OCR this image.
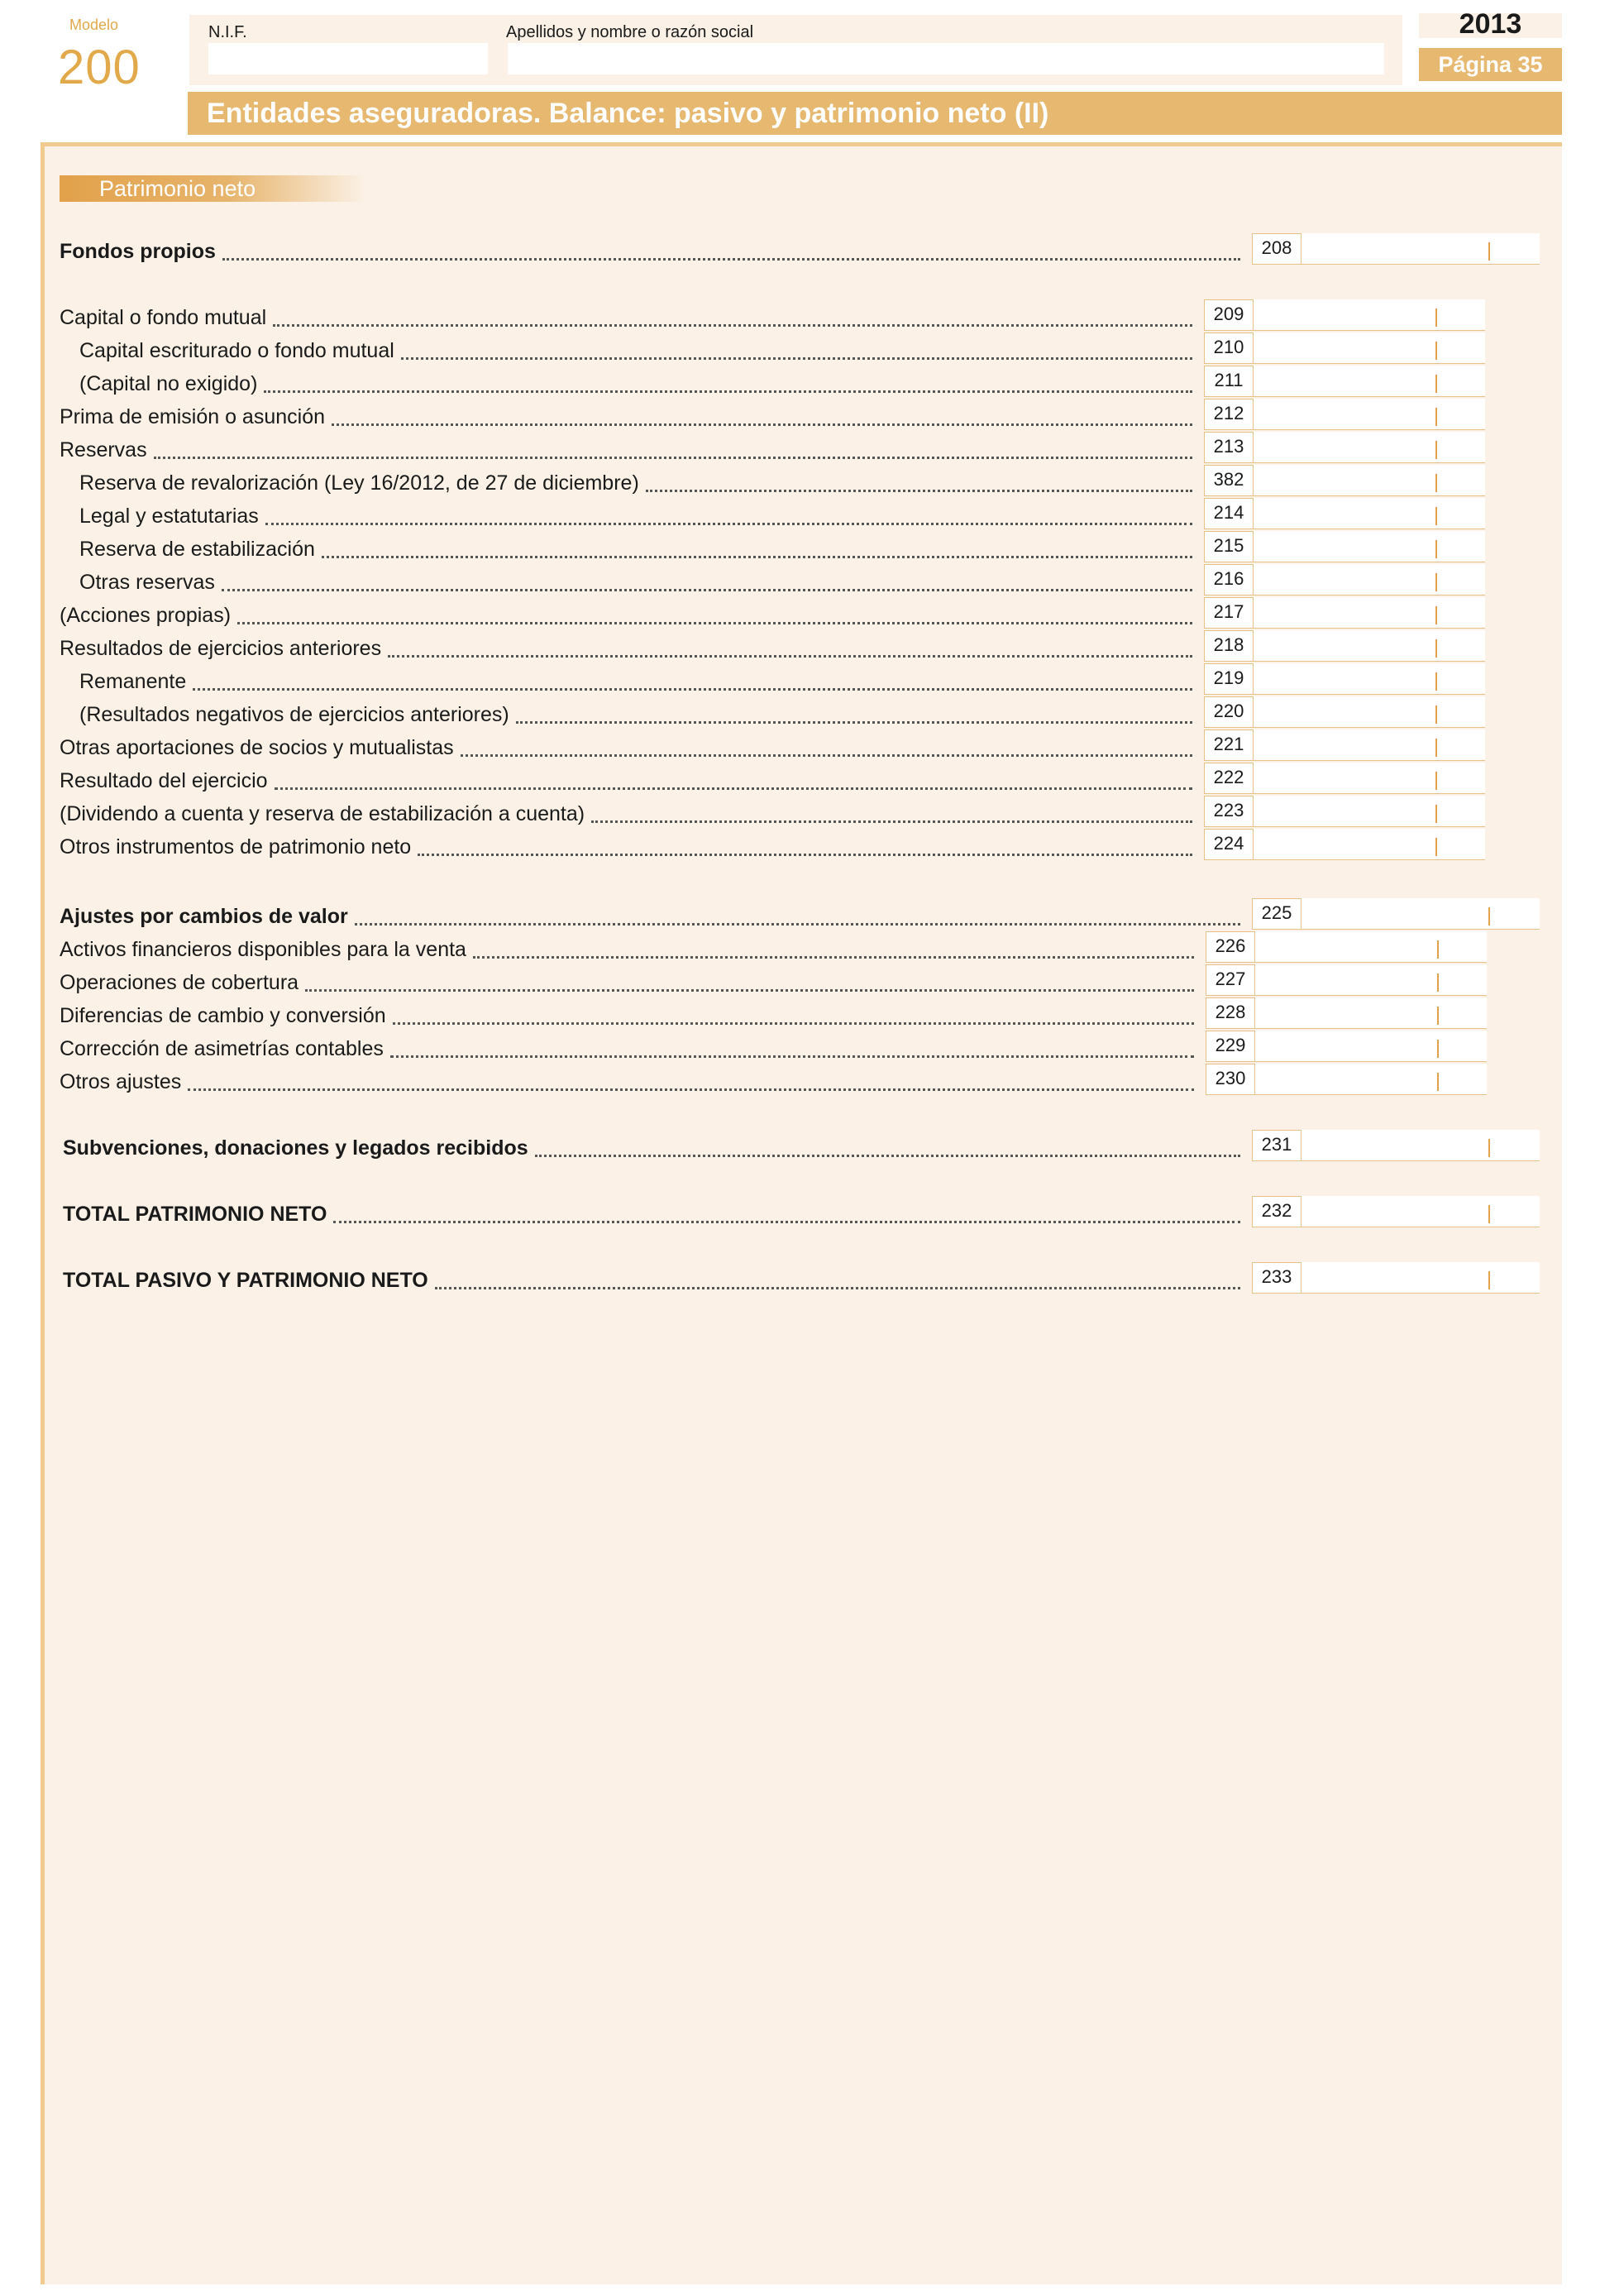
Modelo
200
N.I.F.	Apellidos y nombre o razón social	2013
Página 35
Entidades aseguradoras. Balance: pasivo y patrimonio neto (II)
Patrimonio neto
Fondos propios	208
Capital o fondo mutual	209
Capital escriturado o fondo mutual	210
(Capital no exigido)	211
Prima de emisión o asunción	212
Reservas	213
Reserva de revalorización (Ley 16/2012, de 27 de diciembre)	382
Legal y estatutarias	214
Reserva de estabilización	215
Otras reservas	216
(Acciones propias)	217
Resultados de ejercicios anteriores	218
Remanente	219
(Resultados negativos de ejercicios anteriores)	220
Otras aportaciones de socios y mutualistas	221
Resultado del ejercicio	222
(Dividendo a cuenta y reserva de estabilización a cuenta)	223
Otros instrumentos de patrimonio neto	224
Ajustes por cambios de valor	225
Activos financieros disponibles para la venta	226
Operaciones de cobertura	227
Diferencias de cambio y conversión	228
Corrección de asimetrías contables	229
Otros ajustes	230
Subvenciones, donaciones y legados recibidos	231
TOTAL PATRIMONIO NETO	232
TOTAL PASIVO Y PATRIMONIO NETO	233
